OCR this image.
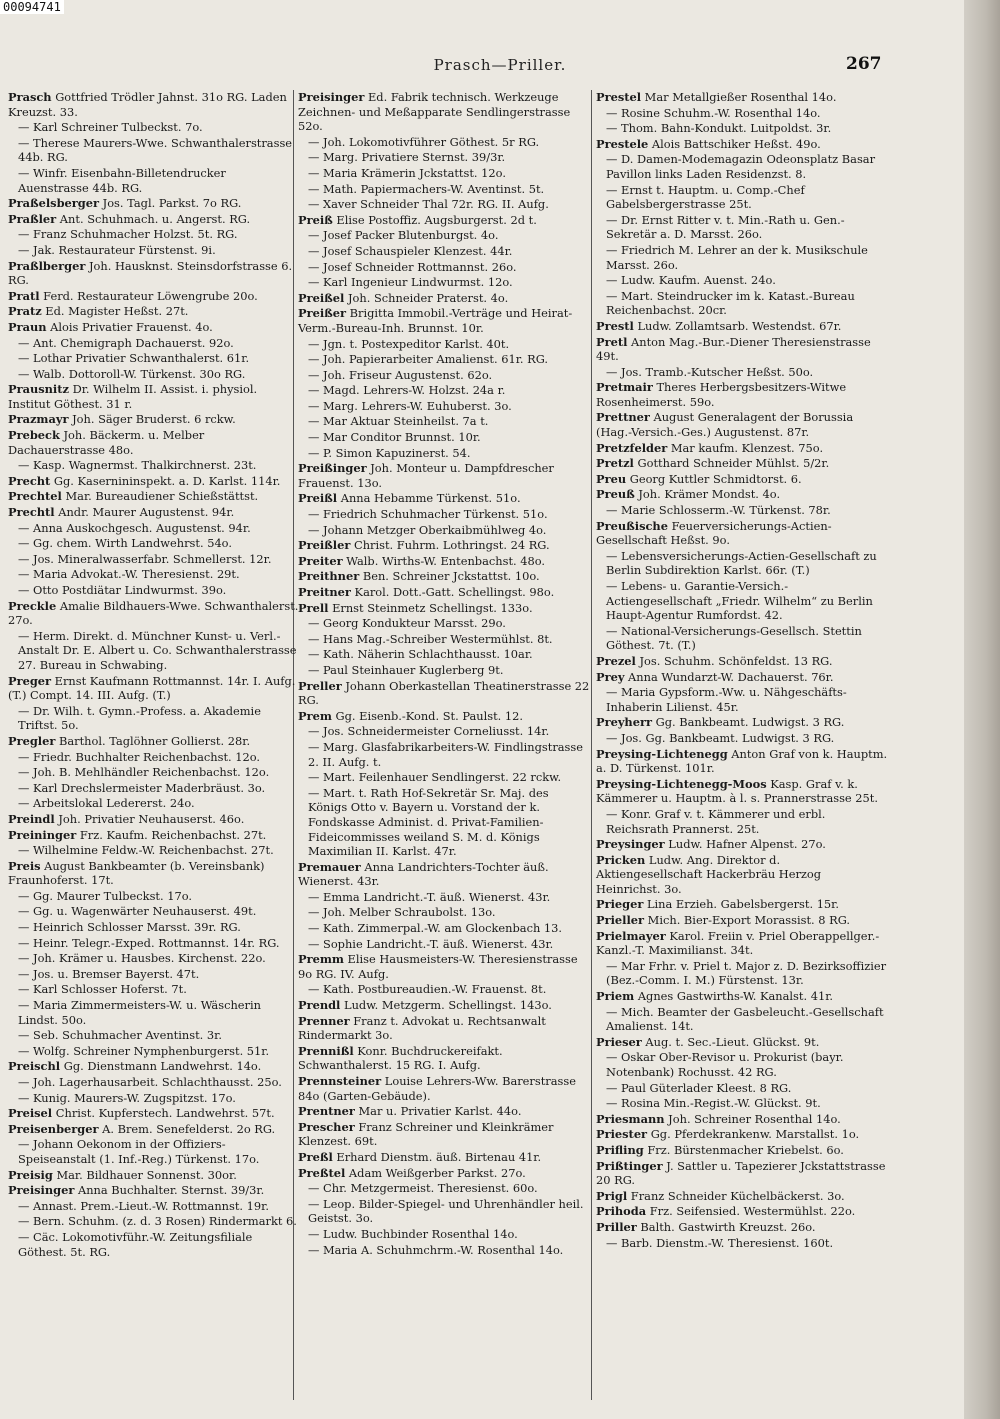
00094741
Prasch—Priller.	267
Prasch Gottfried Trödler Jahnst. 31o RG. Laden Kreuzst. 33.
— Karl Schreiner Tulbeckst. 7o.
— Therese Maurers-Wwe. Schwanthalerstrasse 44b. RG.
— Winfr. Eisenbahn-Billetendrucker Auenstrasse 44b. RG.
Praßelsberger Jos. Tagl. Parkst. 7o RG.
Praßler Ant. Schuhmach. u. Angerst. RG.
— Franz Schuhmacher Holzst. 5t. RG.
— Jak. Restaurateur Fürstenst. 9i.
Praßlberger Joh. Hausknst. Steinsdorfstrasse 6. RG.
Pratl Ferd. Restaurateur Löwengrube 20o.
Pratz Ed. Magister Heßst. 27t.
Praun Alois Privatier Frauenst. 4o.
— Ant. Chemigraph Dachauerst. 92o.
— Lothar Privatier Schwanthalerst. 61r.
— Walb. Dottoroll-W. Türkenst. 30o RG.
Prausnitz Dr. Wilhelm II. Assist. i. physiol. Institut Göthest. 31 r.
Prazmayr Joh. Säger Bruderst. 6 rckw.
Prebeck Joh. Bäckerm. u. Melber Dachauerstrasse 48o.
— Kasp. Wagnermst. Thalkirchnerst. 23t.
Precht Gg. Kasernininspekt. a. D. Karlst. 114r.
Prechtel Mar. Bureaudiener Schießstättst.
Prechtl Andr. Maurer Augustenst. 94r.
— Anna Auskochgesch. Augustenst. 94r.
— Gg. chem. Wirth Landwehrst. 54o.
— Jos. Mineralwasserfabr. Schmellerst. 12r.
— Maria Advokat.-W. Theresienst. 29t.
— Otto Postdiätar Lindwurmst. 39o.
Preckle Amalie Bildhauers-Wwe. Schwanthalerst. 27o.
— Herm. Direkt. d. Münchner Kunst- u. Verl.-Anstalt Dr. E. Albert u. Co. Schwanthalerstrasse 27. Bureau in Schwabing.
Preger Ernst Kaufmann Rottmannst. 14r. I. Aufg. (T.) Compt. 14. III. Aufg. (T.)
— Dr. Wilh. t. Gymn.-Profess. a. Akademie Triftst. 5o.
Pregler Barthol. Taglöhner Gollierst. 28r.
— Friedr. Buchhalter Reichenbachst. 12o.
— Joh. B. Mehlhändler Reichenbachst. 12o.
— Karl Drechslermeister Maderbräust. 3o.
— Arbeitslokal Ledererst. 24o.
Preindl Joh. Privatier Neuhauserst. 46o.
Preininger Frz. Kaufm. Reichenbachst. 27t.
— Wilhelmine Feldw.-W. Reichenbachst. 27t.
Preis August Bankbeamter (b. Vereinsbank) Fraunhoferst. 17t.
— Gg. Maurer Tulbeckst. 17o.
— Gg. u. Wagenwärter Neuhauserst. 49t.
— Heinrich Schlosser Marsst. 39r. RG.
— Heinr. Telegr.-Exped. Rottmannst. 14r. RG.
— Joh. Krämer u. Hausbes. Kirchenst. 22o.
— Jos. u. Bremser Bayerst. 47t.
— Karl Schlosser Hoferst. 7t.
— Maria Zimmermeisters-W. u. Wäscherin Lindst. 50o.
— Seb. Schuhmacher Aventinst. 3r.
— Wolfg. Schreiner Nymphenburgerst. 51r.
Preischl Gg. Dienstmann Landwehrst. 14o.
— Joh. Lagerhausarbeit. Schlachthausst. 25o.
— Kunig. Maurers-W. Zugspitzst. 17o.
Preisel Christ. Kupferstech. Landwehrst. 57t.
Preisenberger A. Brem. Senefelderst. 2o RG.
— Johann Oekonom in der Offiziers-Speiseanstalt (1. Inf.-Reg.) Türkenst. 17o.
Preisig Mar. Bildhauer Sonnenst. 30or.
Preisinger Anna Buchhalter. Sternst. 39/3r.
— Annast. Prem.-Lieut.-W. Rottmannst. 19r.
— Bern. Schuhm. (z. d. 3 Rosen) Rindermarkt 6.
— Cäc. Lokomotivführ.-W. Zeitungsfiliale Göthest. 5t. RG.
Preisinger Ed. Fabrik technisch. Werkzeuge Zeichnen- und Meßapparate Sendlingerstrasse 52o.
— Joh. Lokomotivführer Göthest. 5r RG.
— Marg. Privatiere Sternst. 39/3r.
— Maria Krämerin Jckstattst. 12o.
— Math. Papiermachers-W. Aventinst. 5t.
— Xaver Schneider Thal 72r. RG. II. Aufg.
Preiß Elise Postoffiz. Augsburgerst. 2d t.
— Josef Packer Blutenburgst. 4o.
— Josef Schauspieler Klenzest. 44r.
— Josef Schneider Rottmannst. 26o.
— Karl Ingenieur Lindwurmst. 12o.
Preißel Joh. Schneider Praterst. 4o.
Preißer Brigitta Immobil.-Verträge und Heirat-Verm.-Bureau-Inh. Brunnst. 10r.
— Jgn. t. Postexpeditor Karlst. 40t.
— Joh. Papierarbeiter Amalienst. 61r. RG.
— Joh. Friseur Augustenst. 62o.
— Magd. Lehrers-W. Holzst. 24a r.
— Marg. Lehrers-W. Euhuberst. 3o.
— Mar Aktuar Steinheilst. 7a t.
— Mar Conditor Brunnst. 10r.
— P. Simon Kapuzinerst. 54.
Preißinger Joh. Monteur u. Dampfdrescher Frauenst. 13o.
Preißl Anna Hebamme Türkenst. 51o.
— Friedrich Schuhmacher Türkenst. 51o.
— Johann Metzger Oberkaibmühlweg 4o.
Preißler Christ. Fuhrm. Lothringst. 24 RG.
Preiter Walb. Wirths-W. Entenbachst. 48o.
Preithner Ben. Schreiner Jckstattst. 10o.
Preitner Karol. Dott.-Gatt. Schellingst. 98o.
Prell Ernst Steinmetz Schellingst. 133o.
— Georg Kondukteur Marsst. 29o.
— Hans Mag.-Schreiber Westermühlst. 8t.
— Kath. Näherin Schlachthausst. 10ar.
— Paul Steinhauer Kuglerberg 9t.
Preller Johann Oberkastellan Theatinerstrasse 22 RG.
Prem Gg. Eisenb.-Kond. St. Paulst. 12.
— Jos. Schneidermeister Corneliusst. 14r.
— Marg. Glasfabrikarbeiters-W. Findlingstrasse 2. II. Aufg. t.
— Mart. Feilenhauer Sendlingerst. 22 rckw.
— Mart. t. Rath Hof-Sekretär Sr. Maj. des Königs Otto v. Bayern u. Vorstand der k. Fondskasse Administ. d. Privat-Familien-Fideicommisses weiland S. M. d. Königs Maximilian II. Karlst. 47r.
Premauer Anna Landrichters-Tochter äuß. Wienerst. 43r.
— Emma Landricht.-T. äuß. Wienerst. 43r.
— Joh. Melber Schraubolst. 13o.
— Kath. Zimmerpal.-W. am Glockenbach 13.
— Sophie Landricht.-T. äuß. Wienerst. 43r.
Premm Elise Hausmeisters-W. Theresienstrasse 9o RG. IV. Aufg.
— Kath. Postbureaudien.-W. Frauenst. 8t.
Prendl Ludw. Metzgerm. Schellingst. 143o.
Prenner Franz t. Advokat u. Rechtsanwalt Rindermarkt 3o.
Prennißl Konr. Buchdruckereifakt. Schwanthalerst. 15 RG. I. Aufg.
Prennsteiner Louise Lehrers-Ww. Barerstrasse 84o (Garten-Gebäude).
Prentner Mar u. Privatier Karlst. 44o.
Prescher Franz Schreiner und Kleinkrämer Klenzest. 69t.
Preßl Erhard Dienstm. äuß. Birtenau 41r.
Preßtel Adam Weißgerber Parkst. 27o.
— Chr. Metzgermeist. Theresienst. 60o.
— Leop. Bilder-Spiegel- und Uhrenhändler heil. Geistst. 3o.
— Ludw. Buchbinder Rosenthal 14o.
— Maria A. Schuhmchrm.-W. Rosenthal 14o.
Prestel Mar Metallgießer Rosenthal 14o.
— Rosine Schuhm.-W. Rosenthal 14o.
— Thom. Bahn-Kondukt. Luitpoldst. 3r.
Prestele Alois Battschiker Heßst. 49o.
— D. Damen-Modemagazin Odeonsplatz Basar Pavillon links Laden Residenzst. 8.
— Ernst t. Hauptm. u. Comp.-Chef Gabelsbergerstrasse 25t.
— Dr. Ernst Ritter v. t. Min.-Rath u. Gen.-Sekretär a. D. Marsst. 26o.
— Friedrich M. Lehrer an der k. Musikschule Marsst. 26o.
— Ludw. Kaufm. Auenst. 24o.
— Mart. Steindrucker im k. Katast.-Bureau Reichenbachst. 20cr.
Prestl Ludw. Zollamtsarb. Westendst. 67r.
Pretl Anton Mag.-Bur.-Diener Theresienstrasse 49t.
— Jos. Tramb.-Kutscher Heßst. 50o.
Pretmair Theres Herbergsbesitzers-Witwe Rosenheimerst. 59o.
Prettner August Generalagent der Borussia (Hag.-Versich.-Ges.) Augustenst. 87r.
Pretzfelder Mar kaufm. Klenzest. 75o.
Pretzl Gotthard Schneider Mühlst. 5/2r.
Preu Georg Kuttler Schmidtorst. 6.
Preuß Joh. Krämer Mondst. 4o.
— Marie Schlosserm.-W. Türkenst. 78r.
Preußische Feuerversicherungs-Actien-Gesellschaft Heßst. 9o.
— Lebensversicherungs-Actien-Gesellschaft zu Berlin Subdirektion Karlst. 66r. (T.)
— Lebens- u. Garantie-Versich.-Actiengesellschaft „Friedr. Wilhelm“ zu Berlin Haupt-Agentur Rumfordst. 42.
— National-Versicherungs-Gesellsch. Stettin Göthest. 7t. (T.)
Prezel Jos. Schuhm. Schönfeldst. 13 RG.
Prey Anna Wundarzt-W. Dachauerst. 76r.
— Maria Gypsform.-Ww. u. Nähgeschäfts-Inhaberin Lilienst. 45r.
Preyherr Gg. Bankbeamt. Ludwigst. 3 RG.
— Jos. Gg. Bankbeamt. Ludwigst. 3 RG.
Preysing-Lichtenegg Anton Graf von k. Hauptm. a. D. Türkenst. 101r.
Preysing-Lichtenegg-Moos Kasp. Graf v. k. Kämmerer u. Hauptm. à l. s. Prannerstrasse 25t.
— Konr. Graf v. t. Kämmerer und erbl. Reichsrath Prannerst. 25t.
Preysinger Ludw. Hafner Alpenst. 27o.
Pricken Ludw. Ang. Direktor d. Aktiengesellschaft Hackerbräu Herzog Heinrichst. 3o.
Prieger Lina Erzieh. Gabelsbergerst. 15r.
Prieller Mich. Bier-Export Morassist. 8 RG.
Prielmayer Karol. Freiin v. Priel Oberappellger.-Kanzl.-T. Maximilianst. 34t.
— Mar Frhr. v. Priel t. Major z. D. Bezirksoffizier (Bez.-Comm. I. M.) Fürstenst. 13r.
Priem Agnes Gastwirths-W. Kanalst. 41r.
— Mich. Beamter der Gasbeleucht.-Gesellschaft Amalienst. 14t.
Prieser Aug. t. Sec.-Lieut. Glückst. 9t.
— Oskar Ober-Revisor u. Prokurist (bayr. Notenbank) Rochusst. 42 RG.
— Paul Güterlader Kleest. 8 RG.
— Rosina Min.-Regist.-W. Glückst. 9t.
Priesmann Joh. Schreiner Rosenthal 14o.
Priester Gg. Pferdekrankenw. Marstallst. 1o.
Prifling Frz. Bürstenmacher Kriebelst. 6o.
Prißtinger J. Sattler u. Tapezierer Jckstattstrasse 20 RG.
Prigl Franz Schneider Küchelbäckerst. 3o.
Prihoda Frz. Seifensied. Westermühlst. 22o.
Priller Balth. Gastwirth Kreuzst. 26o.
— Barb. Dienstm.-W. Theresienst. 160t.
